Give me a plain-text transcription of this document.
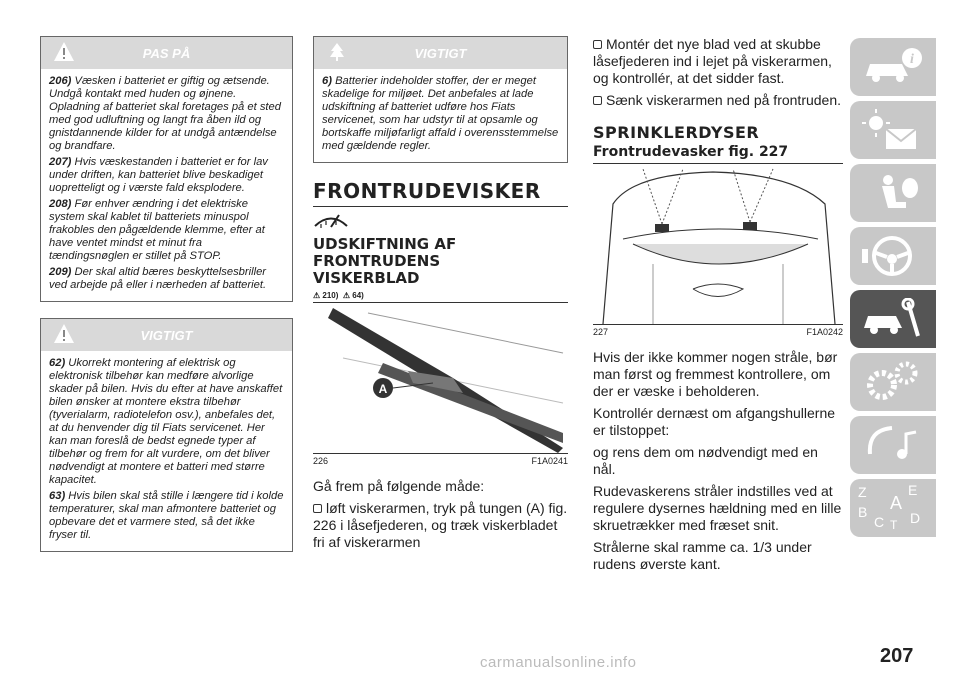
PAS PÅ

206) Væsken i batteriet er giftig og ætsende. Undgå kontakt med huden og øjnene. Opladning af batteriet skal foretages på et sted med god udluftning og langt fra åben ild og gnistdannende kilder for at undgå antændelse og brandfare.

207) Hvis væskestanden i batteriet er for lav under driften, kan batteriet blive beskadiget uopretteligt og i værste fald eksplodere.

208) Før enhver ændring i det elektriske system skal kablet til batteriets minuspol frakobles den pågældende klemme, efter at have ventet mindst et minut fra tændingsnøglen er stillet på STOP.

209) Der skal altid bæres beskyttelsesbriller ved arbejde på eller i nærheden af batteriet.

VIGTIGT

62) Ukorrekt montering af elektrisk og elektronisk tilbehør kan medføre alvorlige skader på bilen. Hvis du efter at have anskaffet bilen ønsker at montere ekstra tilbehør (tyverialarm, radiotelefon osv.), anbefales det, at du henvender dig til Fiats servicenet. Her kan man foreslå de bedst egnede typer af tilbehør og frem for alt vurdere, om det bliver nødvendigt at montere et batteri med større kapacitet.

63) Hvis bilen skal stå stille i længere tid i kolde temperaturer, skal man afmontere batteriet og opbevare det et varmere sted, så det ikke fryser til.

VIGTIGT

6) Batterier indeholder stoffer, der er meget skadelige for miljøet. Det anbefales at lade udskiftning af batteriet udføre hos Fiats servicenet, som har udstyr til at opsamle og bortskaffe miljøfarligt affald i overensstemmelse med gældende regler.

FRONTRUDEVISKER
UDSKIFTNING AF FRONTRUDENS VISKERBLAD
⚠ 210) ⚠ 64)
A
226	F1A0241

Gå frem på følgende måde:

løft viskerarmen, tryk på tungen (A) fig. 226 i låsefjederen, og træk viskerbladet fri af viskerarmen

Montér det nye blad ved at skubbe låsefjederen ind i lejet på viskerarmen, og kontrollér, at det sidder fast.

Sænk viskerarmen ned på frontruden.

SPRINKLERDYSER
Frontrudevasker fig. 227
227	F1A0242

Hvis der ikke kommer nogen stråle, bør man først og fremmest kontrollere, om der er væske i beholderen.

Kontrollér dernæst om afgangshullerne er tilstoppet:

og rens dem om nødvendigt med en nål.

Rudevaskerens stråler indstilles ved at regulere dysernes hældning med en lille skruetrækker med fræset snit.

Strålerne skal ramme ca. 1/3 under rudens øverste kant.

i
Z	E
A
B
C T D
carmanualsonline.info	207
